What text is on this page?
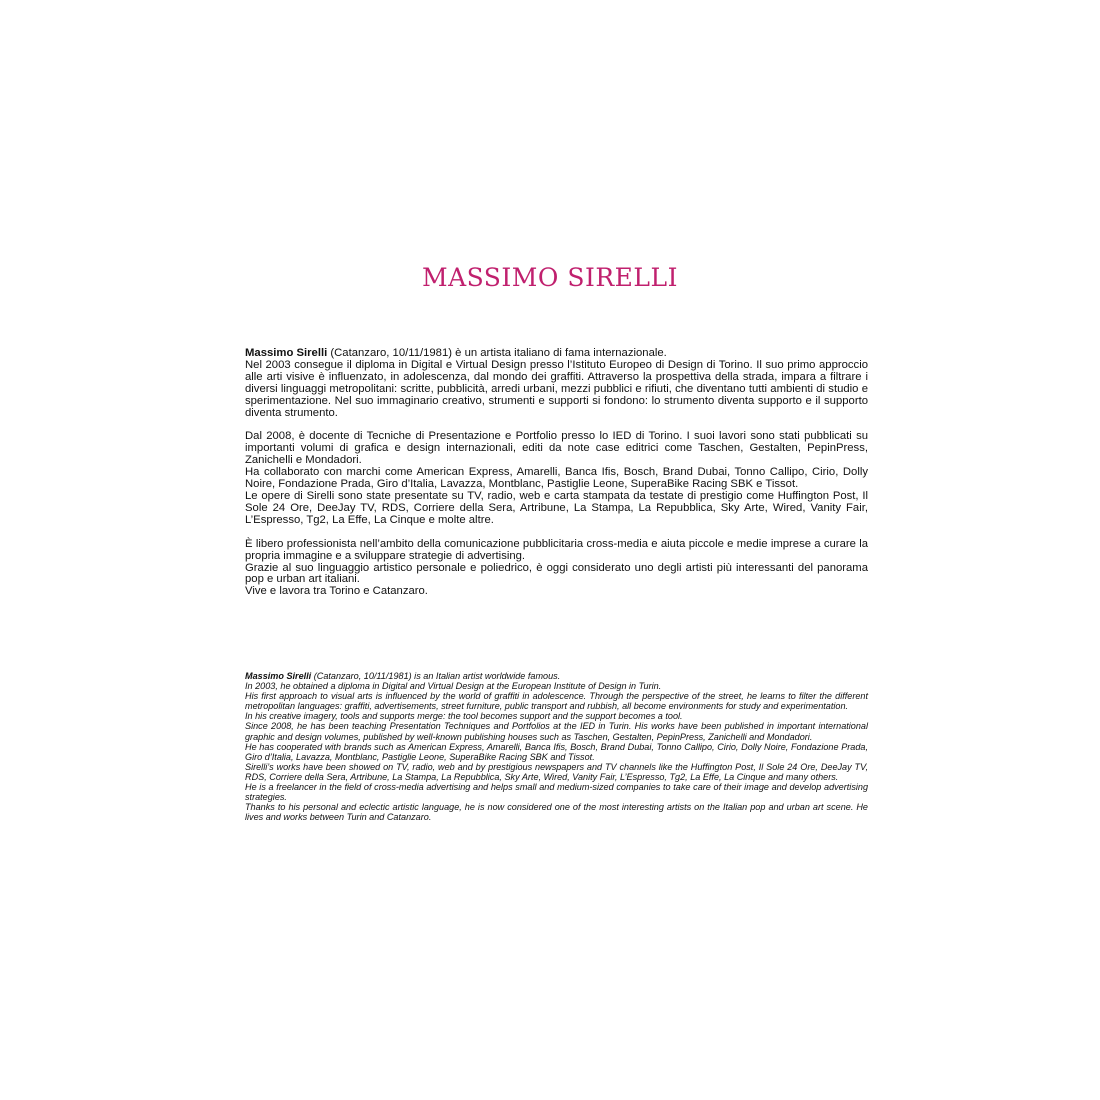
MASSIMO SIRELLI

Massimo Sirelli (Catanzaro, 10/11/1981) è un artista italiano di fama internazionale.

Nel 2003 consegue il diploma in Digital e Virtual Design presso l’Istituto Europeo di Design di Torino. Il suo primo approccio alle arti visive è influenzato, in adolescenza, dal mondo dei graffiti. Attraverso la prospettiva della strada, impara a filtrare i diversi linguaggi metropolitani: scritte, pubblicità, arredi urbani, mezzi pubblici e rifiuti, che diventano tutti ambienti di studio e sperimentazione. Nel suo immaginario creativo, strumenti e supporti si fondono: lo strumento diventa supporto e il supporto diventa strumento.

Dal 2008, è docente di Tecniche di Presentazione e Portfolio presso lo IED di Torino. I suoi lavori sono stati pubblicati su importanti volumi di grafica e design internazionali, editi da note case editrici come Taschen, Gestalten, PepinPress, Zanichelli e Mondadori.

Ha collaborato con marchi come American Express, Amarelli, Banca Ifis, Bosch, Brand Dubai, Tonno Callipo, Cirio, Dolly Noire, Fondazione Prada, Giro d’Italia, Lavazza, Montblanc, Pastiglie Leone, SuperaBike Racing SBK e Tissot.

Le opere di Sirelli sono state presentate su TV, radio, web e carta stampata da testate di prestigio come Huffington Post, Il Sole 24 Ore, DeeJay TV, RDS, Corriere della Sera, Artribune, La Stampa, La Repubblica, Sky Arte, Wired, Vanity Fair, L’Espresso, Tg2, La Effe, La Cinque e molte altre.

È libero professionista nell’ambito della comunicazione pubblicitaria cross-media e aiuta piccole e medie imprese a curare la propria immagine e a sviluppare strategie di advertising.

Grazie al suo linguaggio artistico personale e poliedrico, è oggi considerato uno degli artisti più interessanti del panorama pop e urban art italiani.

Vive e lavora tra Torino e Catanzaro.

Massimo Sirelli (Catanzaro, 10/11/1981) is an Italian artist worldwide famous.

In 2003, he obtained a diploma in Digital and Virtual Design at the European Institute of Design in Turin.

His first approach to visual arts is influenced by the world of graffiti in adolescence. Through the perspective of the street, he learns to filter the different metropolitan languages: graffiti, advertisements, street furniture, public transport and rubbish, all become environments for study and experimentation.

In his creative imagery, tools and supports merge: the tool becomes support and the support becomes a tool.

Since 2008, he has been teaching Presentation Techniques and Portfolios at the IED in Turin. His works have been published in important international graphic and design volumes, published by well-known publishing houses such as Taschen, Gestalten, PepinPress, Zanichelli and Mondadori.

He has cooperated with brands such as American Express, Amarelli, Banca Ifis, Bosch, Brand Dubai, Tonno Callipo, Cirio, Dolly Noire, Fondazione Prada, Giro d’Italia, Lavazza, Montblanc, Pastiglie Leone, SuperaBike Racing SBK and Tissot.

Sirelli’s works have been showed on TV, radio, web and by prestigious newspapers and TV channels like the Huffington Post, Il Sole 24 Ore, DeeJay TV, RDS, Corriere della Sera, Artribune, La Stampa, La Repubblica, Sky Arte, Wired, Vanity Fair, L’Espresso, Tg2, La Effe, La Cinque and many others.

He is a freelancer in the field of cross-media advertising and helps small and medium-sized companies to take care of their image and develop advertising strategies.

Thanks to his personal and eclectic artistic language, he is now considered one of the most interesting artists on the Italian pop and urban art scene. He lives and works between Turin and Catanzaro.
